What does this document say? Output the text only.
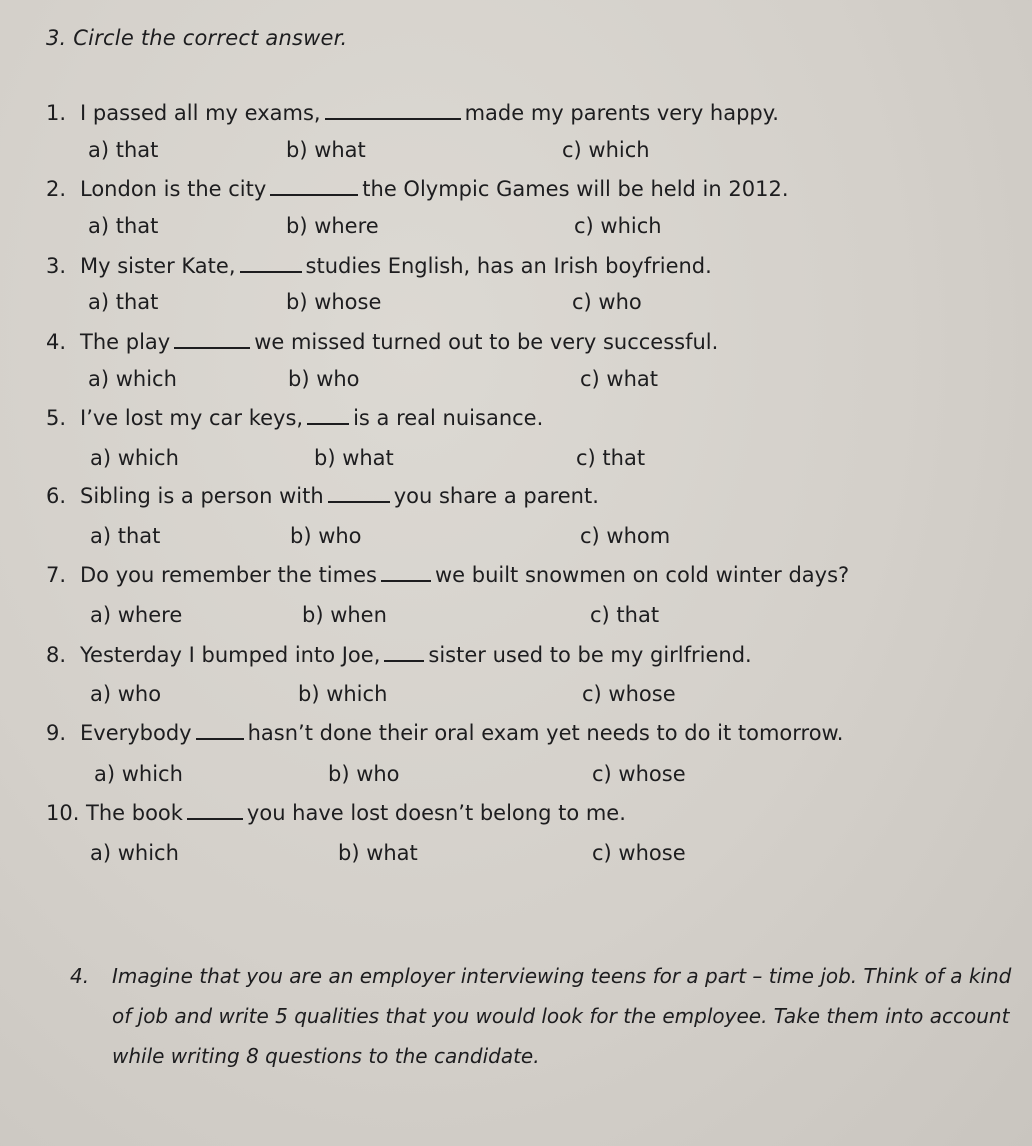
3. Circle the correct answer.
1. I passed all my exams,	made my parents very happy.
a) that	b) what	c) which
2. London is the city	the Olympic Games will be held in 2012.
a) that	b) where	c) which
3. My sister Kate,	studies English, has an Irish boyfriend.
a) that	b) whose	c) who
4. The play	we missed turned out to be very successful.
a) which	b) who	c) what
5. I’ve lost my car keys, is a real nuisance.
a) which	b) what	c) that
6. Sibling is a person with	you share a parent.
a) that	b) who	c) whom
7. Do you remember the times	we built snowmen on cold winter days?
a) where	b) when	c) that
8. Yesterday I bumped into Joe, sister used to be my girlfriend.
a) who	b) which	c) whose
9. Everybody	hasn’t done their oral exam yet needs to do it tomorrow.
a) which	b) who	c) whose
10. The book	you have lost doesn’t belong to me.
a) which	b) what	c) whose
4.	Imagine that you are an employer interviewing teens for a part – time job. Think of a kind of job and write 5 qualities that you would look for the employee. Take them into account while writing 8 questions to the candidate.
